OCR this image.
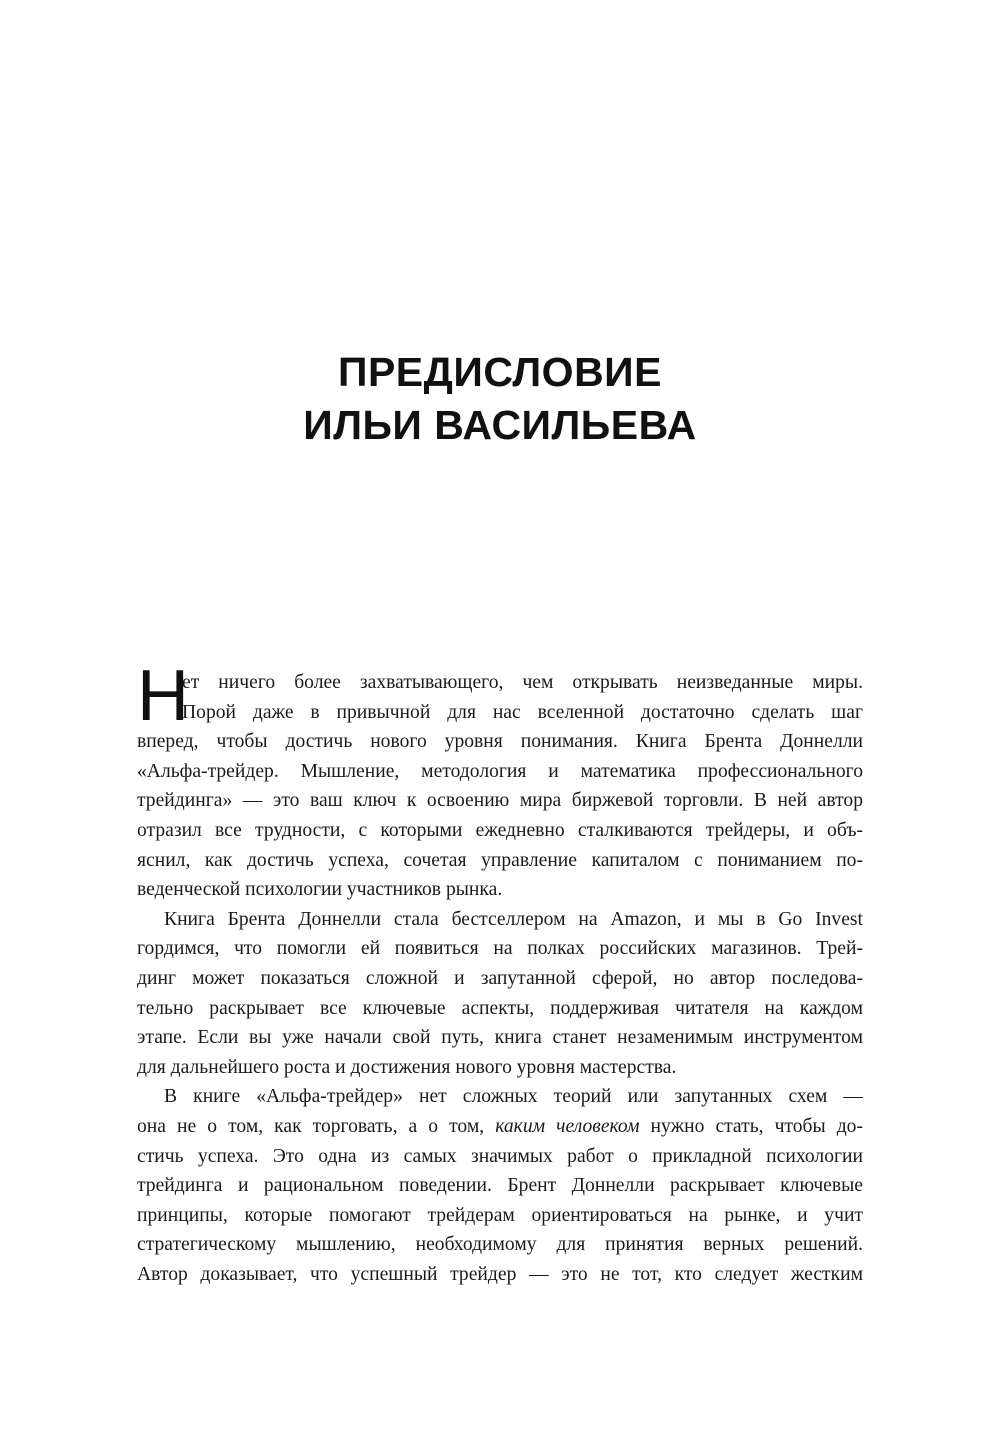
ПРЕДИСЛОВИЕ
ИЛЬИ ВАСИЛЬЕВА
Н
ет ничего более захватывающего, чем открывать неизведанные миры.
Порой даже в привычной для нас вселенной достаточно сделать шаг
вперед, чтобы достичь нового уровня понимания. Книга Брента Доннелли
«Альфа-трейдер. Мышление, методология и математика профессионального
трейдинга» — это ваш ключ к освоению мира биржевой торговли. В ней автор
отразил все трудности, с которыми ежедневно сталкиваются трейдеры, и объ-
яснил, как достичь успеха, сочетая управление капиталом с пониманием по-
веденческой психологии участников рынка.
Книга Брента Доннелли стала бестселлером на Amazon, и мы в Go Invest
гордимся, что помогли ей появиться на полках российских магазинов. Трей-
динг может показаться сложной и запутанной сферой, но автор последова-
тельно раскрывает все ключевые аспекты, поддерживая читателя на каждом
этапе. Если вы уже начали свой путь, книга станет незаменимым инструментом
для дальнейшего роста и достижения нового уровня мастерства.
В книге «Альфа-трейдер» нет сложных теорий или запутанных схем —
она не о том, как торговать, а о том, каким человеком нужно стать, чтобы до-
стичь успеха. Это одна из самых значимых работ о прикладной психологии
трейдинга и рациональном поведении. Брент Доннелли раскрывает ключевые
принципы, которые помогают трейдерам ориентироваться на рынке, и учит
стратегическому мышлению, необходимому для принятия верных решений.
Автор доказывает, что успешный трейдер — это не тот, кто следует жестким
